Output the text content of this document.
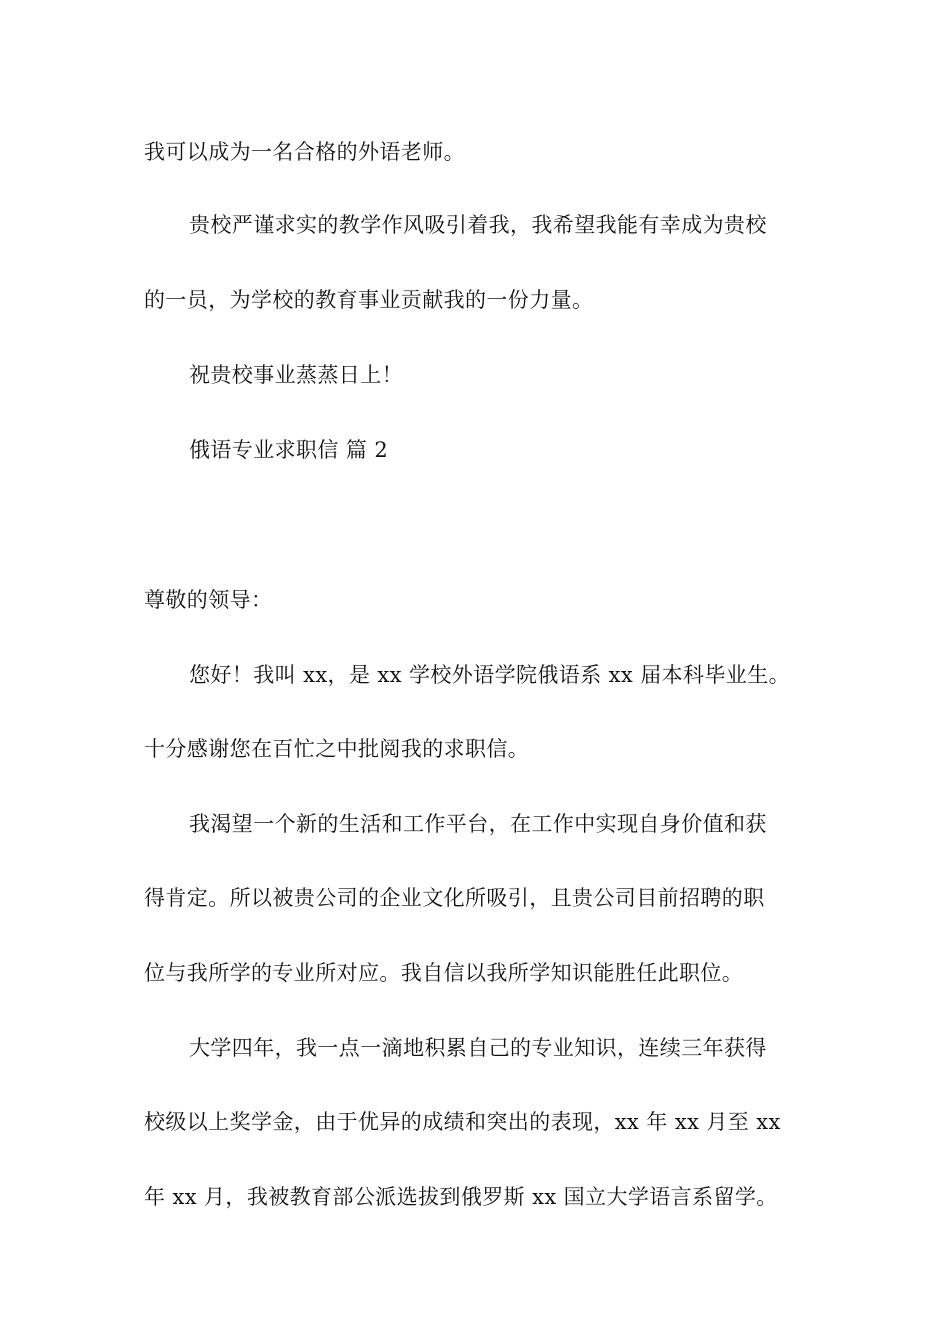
我可以成为一名合格的外语老师。
贵校严谨求实的教学作风吸引着我，我希望我能有幸成为贵校
的一员，为学校的教育事业贡献我的一份力量。
祝贵校事业蒸蒸日上！
俄语专业求职信 篇 2
尊敬的领导：
您好！我叫 xx，是 xx 学校外语学院俄语系 xx 届本科毕业生。
十分感谢您在百忙之中批阅我的求职信。
我渴望一个新的生活和工作平台，在工作中实现自身价值和获
得肯定。所以被贵公司的企业文化所吸引，且贵公司目前招聘的职
位与我所学的专业所对应。我自信以我所学知识能胜任此职位。
大学四年，我一点一滴地积累自己的专业知识，连续三年获得
校级以上奖学金，由于优异的成绩和突出的表现，xx 年 xx 月至 xx
年 xx 月，我被教育部公派选拔到俄罗斯 xx 国立大学语言系留学。
